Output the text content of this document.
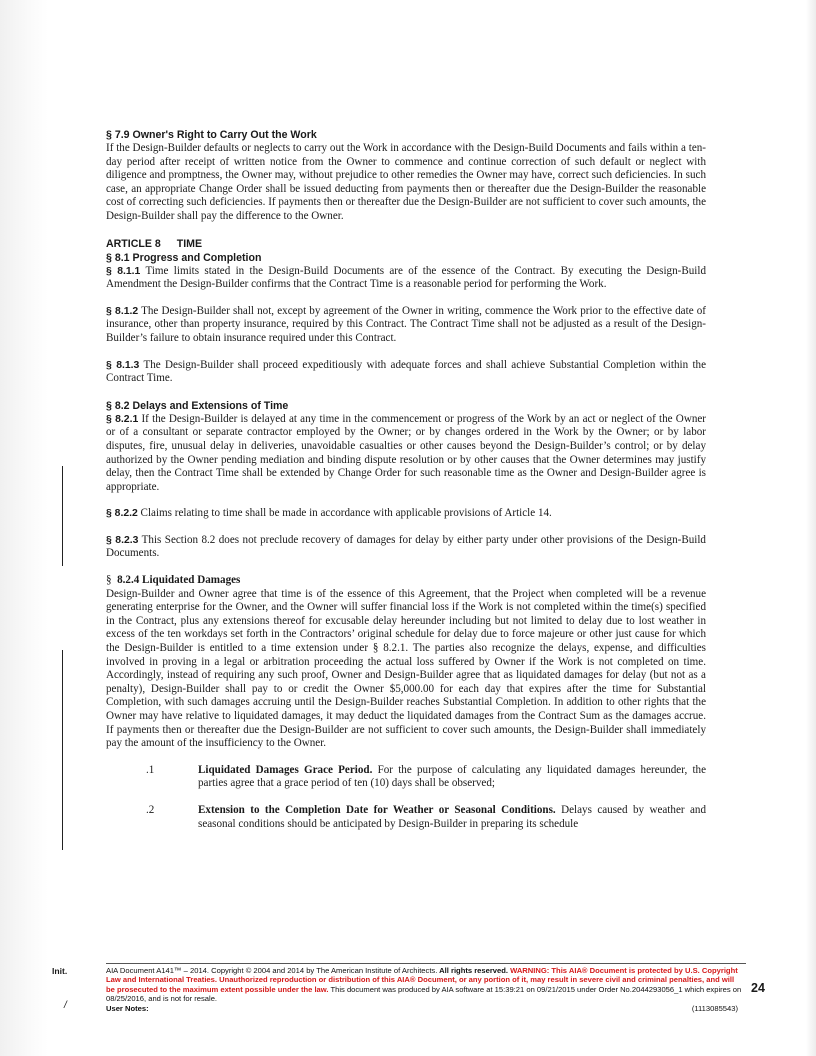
§ 7.9 Owner's Right to Carry Out the Work

If the Design-Builder defaults or neglects to carry out the Work in accordance with the Design-Build Documents and fails within a ten-day period after receipt of written notice from the Owner to commence and continue correction of such default or neglect with diligence and promptness, the Owner may, without prejudice to other remedies the Owner may have, correct such deficiencies. In such case, an appropriate Change Order shall be issued deducting from payments then or thereafter due the Design-Builder the reasonable cost of correcting such deficiencies. If payments then or thereafter due the Design-Builder are not sufficient to cover such amounts, the Design-Builder shall pay the difference to the Owner.

ARTICLE 8 TIME
§ 8.1 Progress and Completion

§ 8.1.1 Time limits stated in the Design-Build Documents are of the essence of the Contract. By executing the Design-Build Amendment the Design-Builder confirms that the Contract Time is a reasonable period for performing the Work.

§ 8.1.2 The Design-Builder shall not, except by agreement of the Owner in writing, commence the Work prior to the effective date of insurance, other than property insurance, required by this Contract. The Contract Time shall not be adjusted as a result of the Design-Builder’s failure to obtain insurance required under this Contract.

§ 8.1.3 The Design-Builder shall proceed expeditiously with adequate forces and shall achieve Substantial Completion within the Contract Time.

§ 8.2 Delays and Extensions of Time

§ 8.2.1 If the Design-Builder is delayed at any time in the commencement or progress of the Work by an act or neglect of the Owner or of a consultant or separate contractor employed by the Owner; or by changes ordered in the Work by the Owner; or by labor disputes, fire, unusual delay in deliveries, unavoidable casualties or other causes beyond the Design-Builder’s control; or by delay authorized by the Owner pending mediation and binding dispute resolution or by other causes that the Owner determines may justify delay, then the Contract Time shall be extended by Change Order for such reasonable time as the Owner and Design-Builder agree is appropriate.

§ 8.2.2 Claims relating to time shall be made in accordance with applicable provisions of Article 14.

§ 8.2.3 This Section 8.2 does not preclude recovery of damages for delay by either party under other provisions of the Design-Build Documents.

§ 8.2.4 Liquidated Damages

Design-Builder and Owner agree that time is of the essence of this Agreement, that the Project when completed will be a revenue generating enterprise for the Owner, and the Owner will suffer financial loss if the Work is not completed within the time(s) specified in the Contract, plus any extensions thereof for excusable delay hereunder including but not limited to delay due to lost weather in excess of the ten workdays set forth in the Contractors’ original schedule for delay due to force majeure or other just cause for which the Design-Builder is entitled to a time extension under § 8.2.1. The parties also recognize the delays, expense, and difficulties involved in proving in a legal or arbitration proceeding the actual loss suffered by Owner if the Work is not completed on time. Accordingly, instead of requiring any such proof, Owner and Design-Builder agree that as liquidated damages for delay (but not as a penalty), Design-Builder shall pay to or credit the Owner $5,000.00 for each day that expires after the time for Substantial Completion, with such damages accruing until the Design-Builder reaches Substantial Completion. In addition to other rights that the Owner may have relative to liquidated damages, it may deduct the liquidated damages from the Contract Sum as the damages accrue. If payments then or thereafter due the Design-Builder are not sufficient to cover such amounts, the Design-Builder shall immediately pay the amount of the insufficiency to the Owner.

.1	Liquidated Damages Grace Period. For the purpose of calculating any liquidated damages hereunder, the parties agree that a grace period of ten (10) days shall be observed;
.2	Extension to the Completion Date for Weather or Seasonal Conditions. Delays caused by weather and seasonal conditions should be anticipated by Design-Builder in preparing its schedule
Init.
/
AIA Document A141™ – 2014. Copyright © 2004 and 2014 by The American Institute of Architects. All rights reserved. WARNING: This AIA® Document is protected by U.S. Copyright Law and International Treaties. Unauthorized reproduction or distribution of this AIA® Document, or any portion of it, may result in severe civil and criminal penalties, and will be prosecuted to the maximum extent possible under the law. This document was produced by AIA software at 15:39:21 on 09/21/2015 under Order No.2044293056_1 which expires on 08/25/2016, and is not for resale.
User Notes:	(1113085543)
24
